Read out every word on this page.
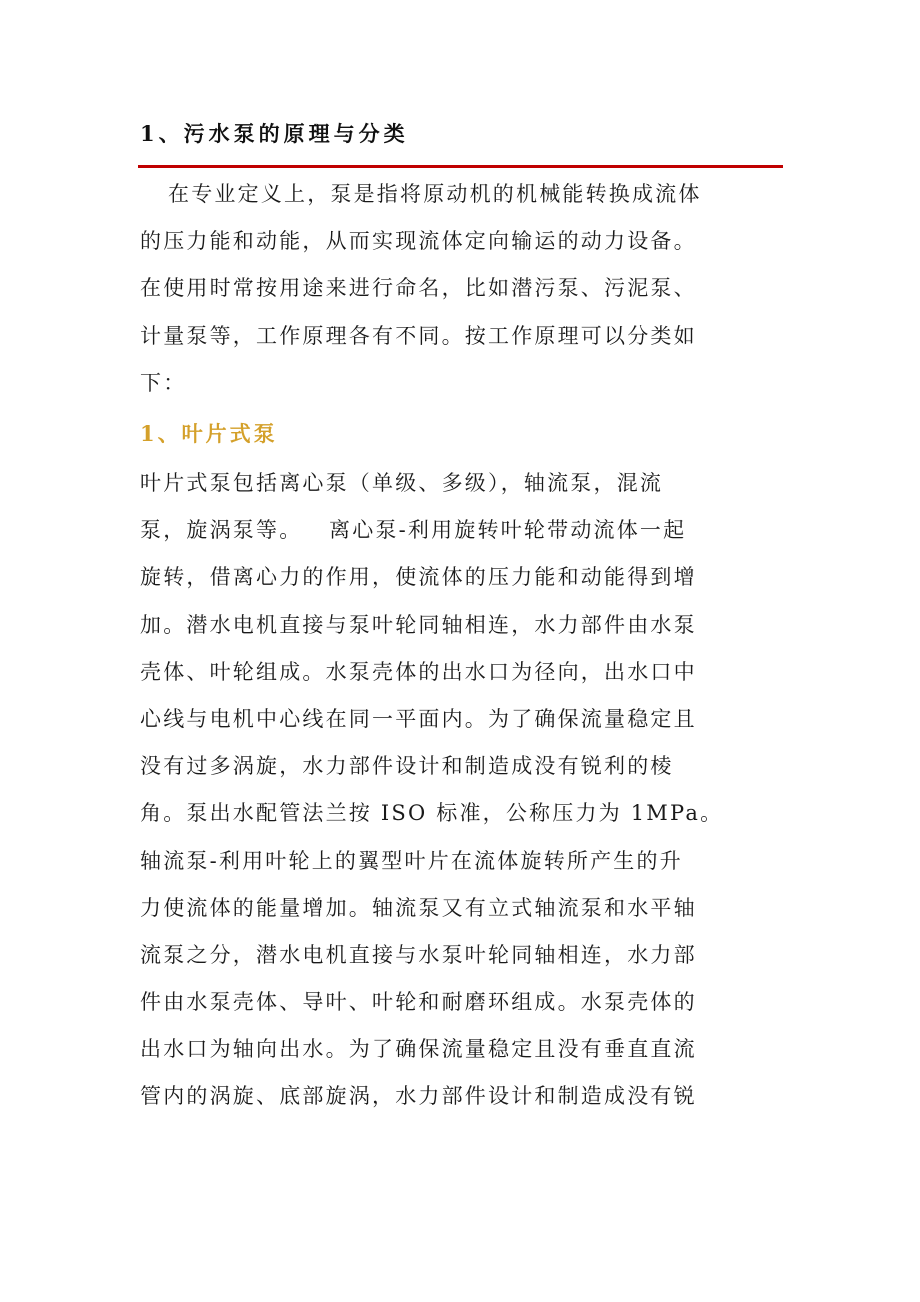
1、污水泵的原理与分类
在专业定义上，泵是指将原动机的机械能转换成流体
的压力能和动能，从而实现流体定向输运的动力设备。
在使用时常按用途来进行命名，比如潜污泵、污泥泵、
计量泵等，工作原理各有不同。按工作原理可以分类如
下：
1、叶片式泵
叶片式泵包括离心泵（单级、多级），轴流泵，混流
泵，旋涡泵等。   离心泵-利用旋转叶轮带动流体一起
旋转，借离心力的作用，使流体的压力能和动能得到增
加。潜水电机直接与泵叶轮同轴相连，水力部件由水泵
壳体、叶轮组成。水泵壳体的出水口为径向，出水口中
心线与电机中心线在同一平面内。为了确保流量稳定且
没有过多涡旋，水力部件设计和制造成没有锐利的棱
角。泵出水配管法兰按 ISO 标准，公称压力为 1MPa。
轴流泵-利用叶轮上的翼型叶片在流体旋转所产生的升
力使流体的能量增加。轴流泵又有立式轴流泵和水平轴
流泵之分，潜水电机直接与水泵叶轮同轴相连，水力部
件由水泵壳体、导叶、叶轮和耐磨环组成。水泵壳体的
出水口为轴向出水。为了确保流量稳定且没有垂直直流
管内的涡旋、底部旋涡，水力部件设计和制造成没有锐
